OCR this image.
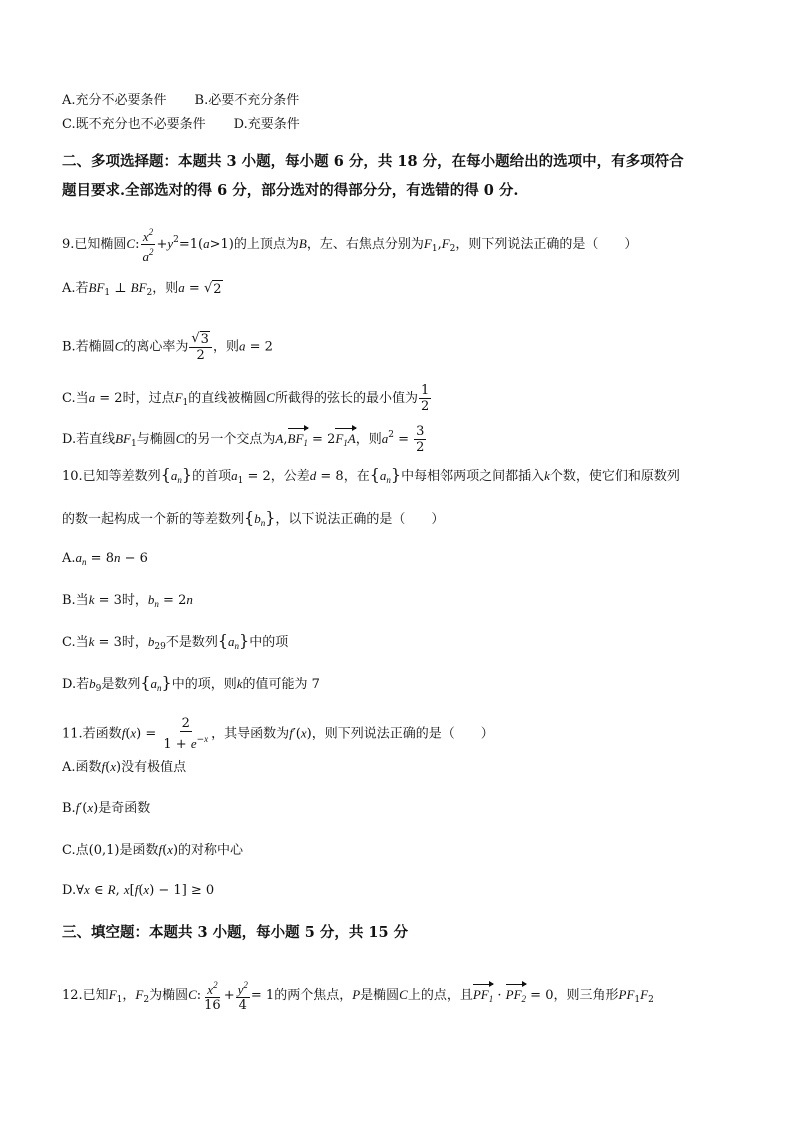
A.充分不必要条件 B.必要不充分条件
C.既不充分也不必要条件 D.充要条件
二、多项选择题：本题共 3 小题，每小题 6 分，共 18 分，在每小题给出的选项中，有多项符合
题目要求.全部选对的得 6 分，部分选对的得部分分，有选错的得 0 分.
9.已知椭圆C: $\frac{x^2}{a^2} +y^2=1(a>1)$的上顶点为B，左、右焦点分别为$F_1,F_2$，则下列说法正确的是（　　）
A.若$BF_1$ ⊥ $BF_2$，则a = √ 2
B.若椭圆C的离心率为 $\frac{√ 3}{2}$ ，则a = 2
C.当a = 2时，过点$F_1$的直线被椭圆C所截得的弦长的最小值为 $\frac{1}{2}$
D.若直线$BF_1$与椭圆C的另一个交点为$A,BF_1 = 2F_1A$，则$a^2 = \frac{3}{2}$
10.已知等差数列$\{a_n\}$的首项$a_1 = 2$，公差d = 8，在$\{a_n\}$中每相邻两项之间都插入k个数，使它们和原数列
的数一起构成一个新的等差数列$\{b_n\}$，以下说法正确的是（　　）
$A.a_n = 8n - 6$
B.当k = 3时，$b_n = 2n$
C.当k = 3时，$b_{29}$不是数列$\{a_n\}$中的项
D.若$b_9$是数列$\{a_n\}$中的项，则k的值可能为 7
11.若函数$f(x) = \frac{2}{1 + e^{-x}}$ ，其导函数为f′(x)，则下列说法正确的是（　　）
A.函数f(x)没有极值点
B.f′(x)是奇函数
C.点(0,1)是函数f(x)的对称中心
D.∀x ∈ R, x[f(x) − 1] ≥ 0
三、填空题：本题共 3 小题，每小题 5 分，共 15 分
12.已知$F_1$，$F_2$为椭圆C: $\frac{x^2}{16} + \frac{y^2}{4} = 1$的两个焦点，P是椭圆C上的点，且$PF_1 \cdot PF_2 = 0$，则三角形$PF_1F_2$
